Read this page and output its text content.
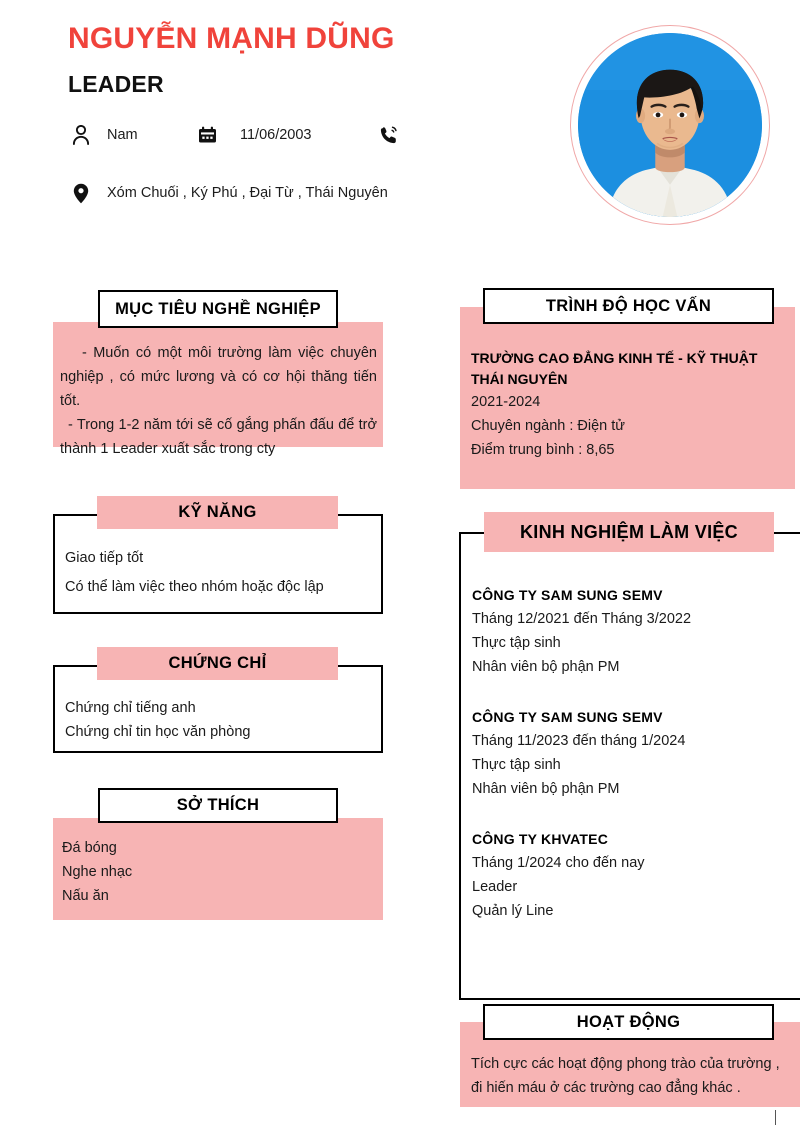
NGUYỄN MẠNH DŨNG
LEADER
Nam	11/06/2003
Xóm Chuối , Ký Phú , Đại Từ , Thái Nguyên
MỤC TIÊU NGHỀ NGHIỆP

- Muốn có một môi trường làm việc chuyên nghiệp , có mức lương và có cơ hội thăng tiến tốt.

- Trong 1-2 năm tới sẽ cố gắng phấn đấu để trở thành 1 Leader xuất sắc trong cty

KỸ NĂNG

Giao tiếp tốt

Có thể làm việc theo nhóm hoặc độc lập

CHỨNG CHỈ

Chứng chỉ tiếng anh

Chứng chỉ tin học văn phòng

SỞ THÍCH

Đá bóng

Nghe nhạc

Nấu ăn

TRÌNH ĐỘ HỌC VẤN

TRƯỜNG CAO ĐẲNG KINH TẾ - KỸ THUẬT THÁI NGUYÊN

2021-2024

Chuyên ngành : Điện tử

Điểm trung bình : 8,65

KINH NGHIỆM LÀM VIỆC

CÔNG TY SAM SUNG SEMV

Tháng 12/2021 đến Tháng 3/2022

Thực tập sinh

Nhân viên bộ phận PM

CÔNG TY SAM SUNG SEMV

Tháng 11/2023 đến tháng 1/2024

Thực tập sinh

Nhân viên bộ phận PM

CÔNG TY KHVATEC

Tháng 1/2024 cho đến nay

Leader

Quản lý Line

HOẠT ĐỘNG

Tích cực các hoạt động phong trào của trường , đi hiến máu ở các trường cao đẳng khác .
